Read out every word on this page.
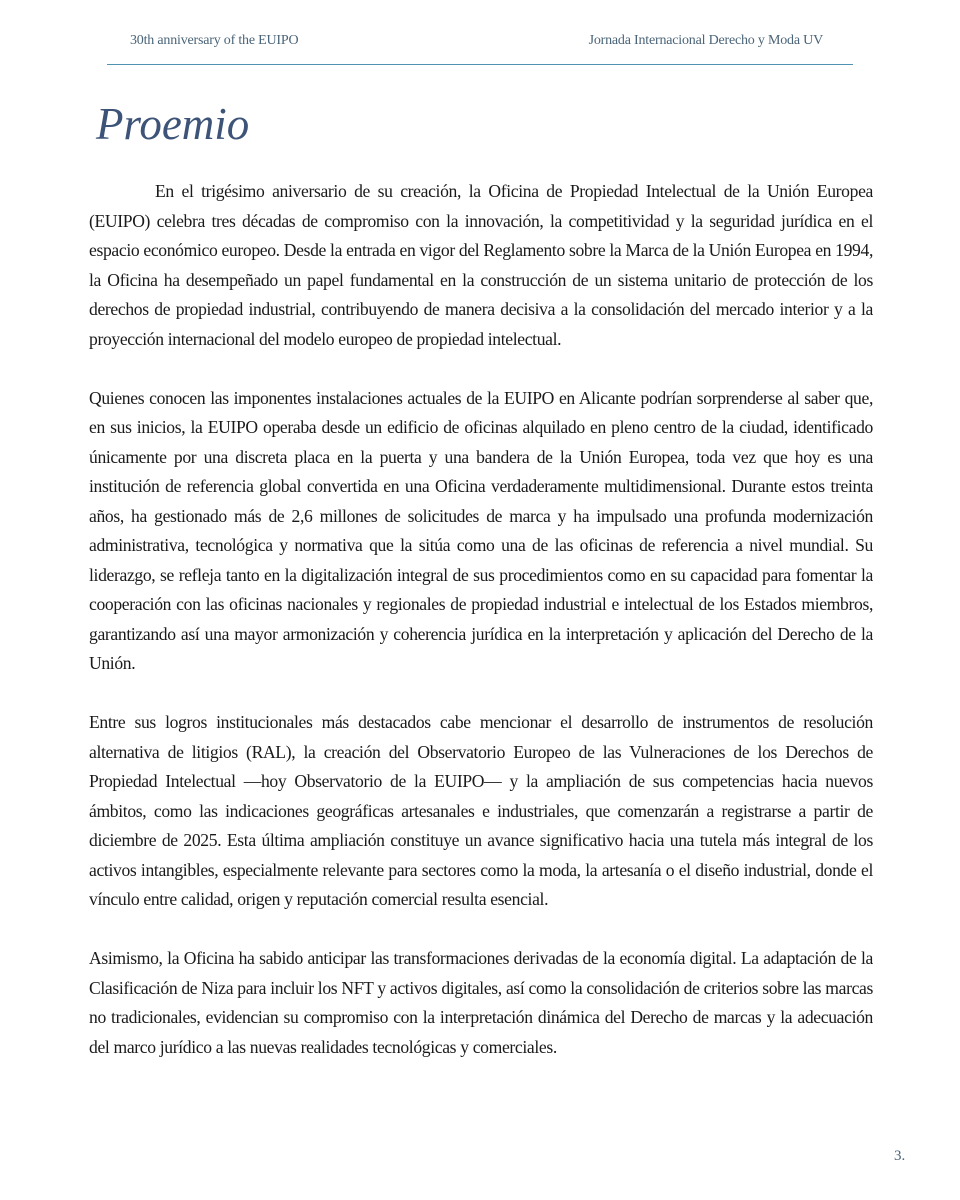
30th anniversary of the EUIPO	Jornada Internacional Derecho y Moda UV
Proemio

En el trigésimo aniversario de su creación, la Oficina de Propiedad Intelectual de la Unión Europea (EUIPO) celebra tres décadas de compromiso con la innovación, la competitividad y la seguridad jurídica en el espacio económico europeo. Desde la entrada en vigor del Reglamento sobre la Marca de la Unión Europea en 1994, la Oficina ha desempeñado un papel fundamental en la construcción de un sistema unitario de protección de los derechos de propiedad industrial, contribuyendo de manera decisiva a la consolidación del mercado interior y a la proyección internacional del modelo europeo de propiedad intelectual.

Quienes conocen las imponentes instalaciones actuales de la EUIPO en Alicante podrían sorprenderse al saber que, en sus inicios, la EUIPO operaba desde un edificio de oficinas alquilado en pleno centro de la ciudad, identificado únicamente por una discreta placa en la puerta y una bandera de la Unión Europea, toda vez que hoy es una institución de referencia global convertida en una Oficina verdaderamente multidimensional. Durante estos treinta años, ha gestionado más de 2,6 millones de solicitudes de marca y ha impulsado una profunda modernización administrativa, tecnológica y normativa que la sitúa como una de las oficinas de referencia a nivel mundial. Su liderazgo, se refleja tanto en la digitalización integral de sus procedimientos como en su capacidad para fomentar la cooperación con las oficinas nacionales y regionales de propiedad industrial e intelectual de los Estados miembros, garantizando así una mayor armonización y coherencia jurídica en la interpretación y aplicación del Derecho de la Unión.

Entre sus logros institucionales más destacados cabe mencionar el desarrollo de instrumentos de resolución alternativa de litigios (RAL), la creación del Observatorio Europeo de las Vulneraciones de los Derechos de Propiedad Intelectual —hoy Observatorio de la EUIPO— y la ampliación de sus competencias hacia nuevos ámbitos, como las indicaciones geográficas artesanales e industriales, que comenzarán a registrarse a partir de diciembre de 2025. Esta última ampliación constituye un avance significativo hacia una tutela más integral de los activos intangibles, especialmente relevante para sectores como la moda, la artesanía o el diseño industrial, donde el vínculo entre calidad, origen y reputación comercial resulta esencial.

Asimismo, la Oficina ha sabido anticipar las transformaciones derivadas de la economía digital. La adaptación de la Clasificación de Niza para incluir los NFT y activos digitales, así como la consolidación de criterios sobre las marcas no tradicionales, evidencian su compromiso con la interpretación dinámica del Derecho de marcas y la adecuación del marco jurídico a las nuevas realidades tecnológicas y comerciales.

3.
